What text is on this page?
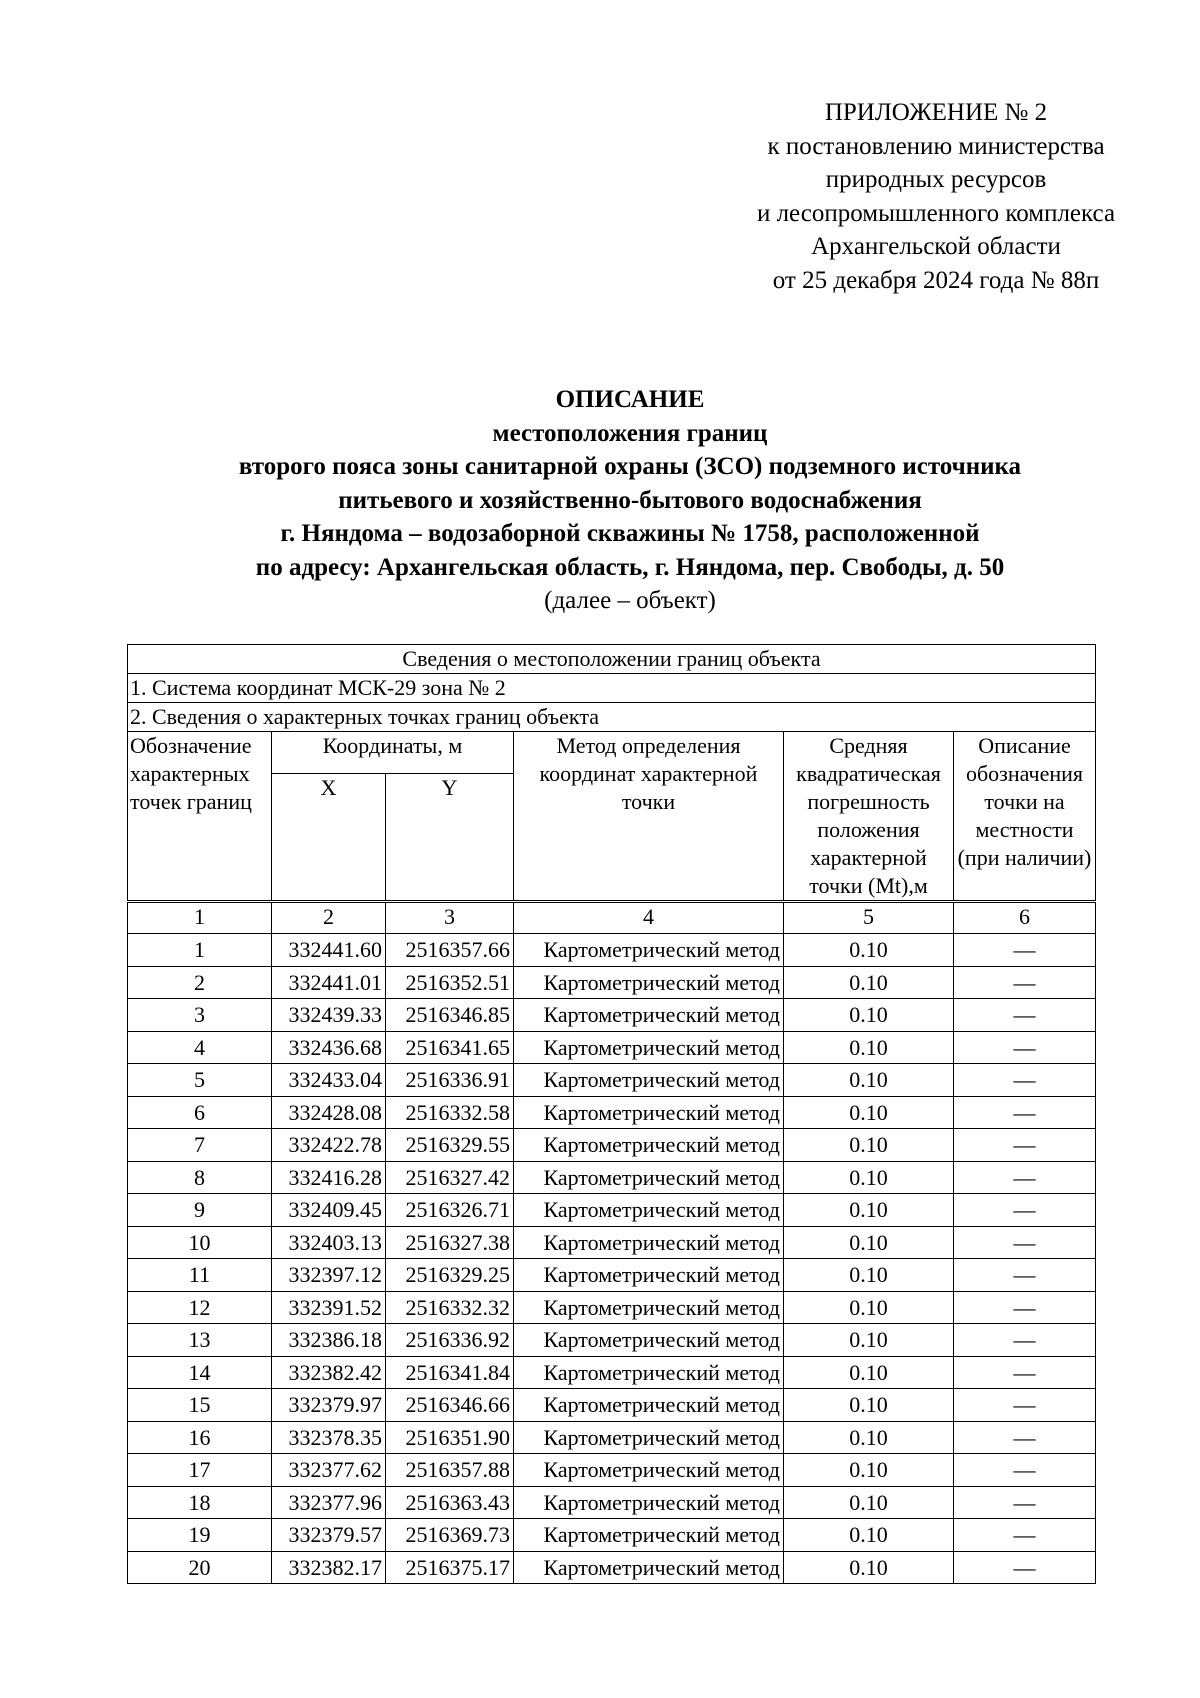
ПРИЛОЖЕНИЕ № 2
к постановлению министерства
природных ресурсов
и лесопромышленного комплекса
Архангельской области
от 25 декабря 2024 года № 88п
ОПИСАНИЕ
местоположения границ
второго пояса зоны санитарной охраны (ЗСО) подземного источника
питьевого и хозяйственно-бытового водоснабжения
г. Няндома – водозаборной скважины № 1758, расположенной
по адресу: Архангельская область, г. Няндома, пер. Свободы, д. 50
(далее – объект)
Сведения о местоположении границ объекта					
1. Система координат МСК-29 зона № 2					
2. Сведения о характерных точках границ объекта					
Обозначение характерных точек границ	Координаты, м		Метод определения координат характерной точки	Средняя квадратическая погрешность положения характерной точки (Mt),м	Описание обозначения точки на местности (при наличии)
	X	Y			
1	2	3	4	5	6
1	332441.60	2516357.66	Картометрический метод	0.10	—
2	332441.01	2516352.51	Картометрический метод	0.10	—
3	332439.33	2516346.85	Картометрический метод	0.10	—
4	332436.68	2516341.65	Картометрический метод	0.10	—
5	332433.04	2516336.91	Картометрический метод	0.10	—
6	332428.08	2516332.58	Картометрический метод	0.10	—
7	332422.78	2516329.55	Картометрический метод	0.10	—
8	332416.28	2516327.42	Картометрический метод	0.10	—
9	332409.45	2516326.71	Картометрический метод	0.10	—
10	332403.13	2516327.38	Картометрический метод	0.10	—
11	332397.12	2516329.25	Картометрический метод	0.10	—
12	332391.52	2516332.32	Картометрический метод	0.10	—
13	332386.18	2516336.92	Картометрический метод	0.10	—
14	332382.42	2516341.84	Картометрический метод	0.10	—
15	332379.97	2516346.66	Картометрический метод	0.10	—
16	332378.35	2516351.90	Картометрический метод	0.10	—
17	332377.62	2516357.88	Картометрический метод	0.10	—
18	332377.96	2516363.43	Картометрический метод	0.10	—
19	332379.57	2516369.73	Картометрический метод	0.10	—
20	332382.17	2516375.17	Картометрический метод	0.10	—
